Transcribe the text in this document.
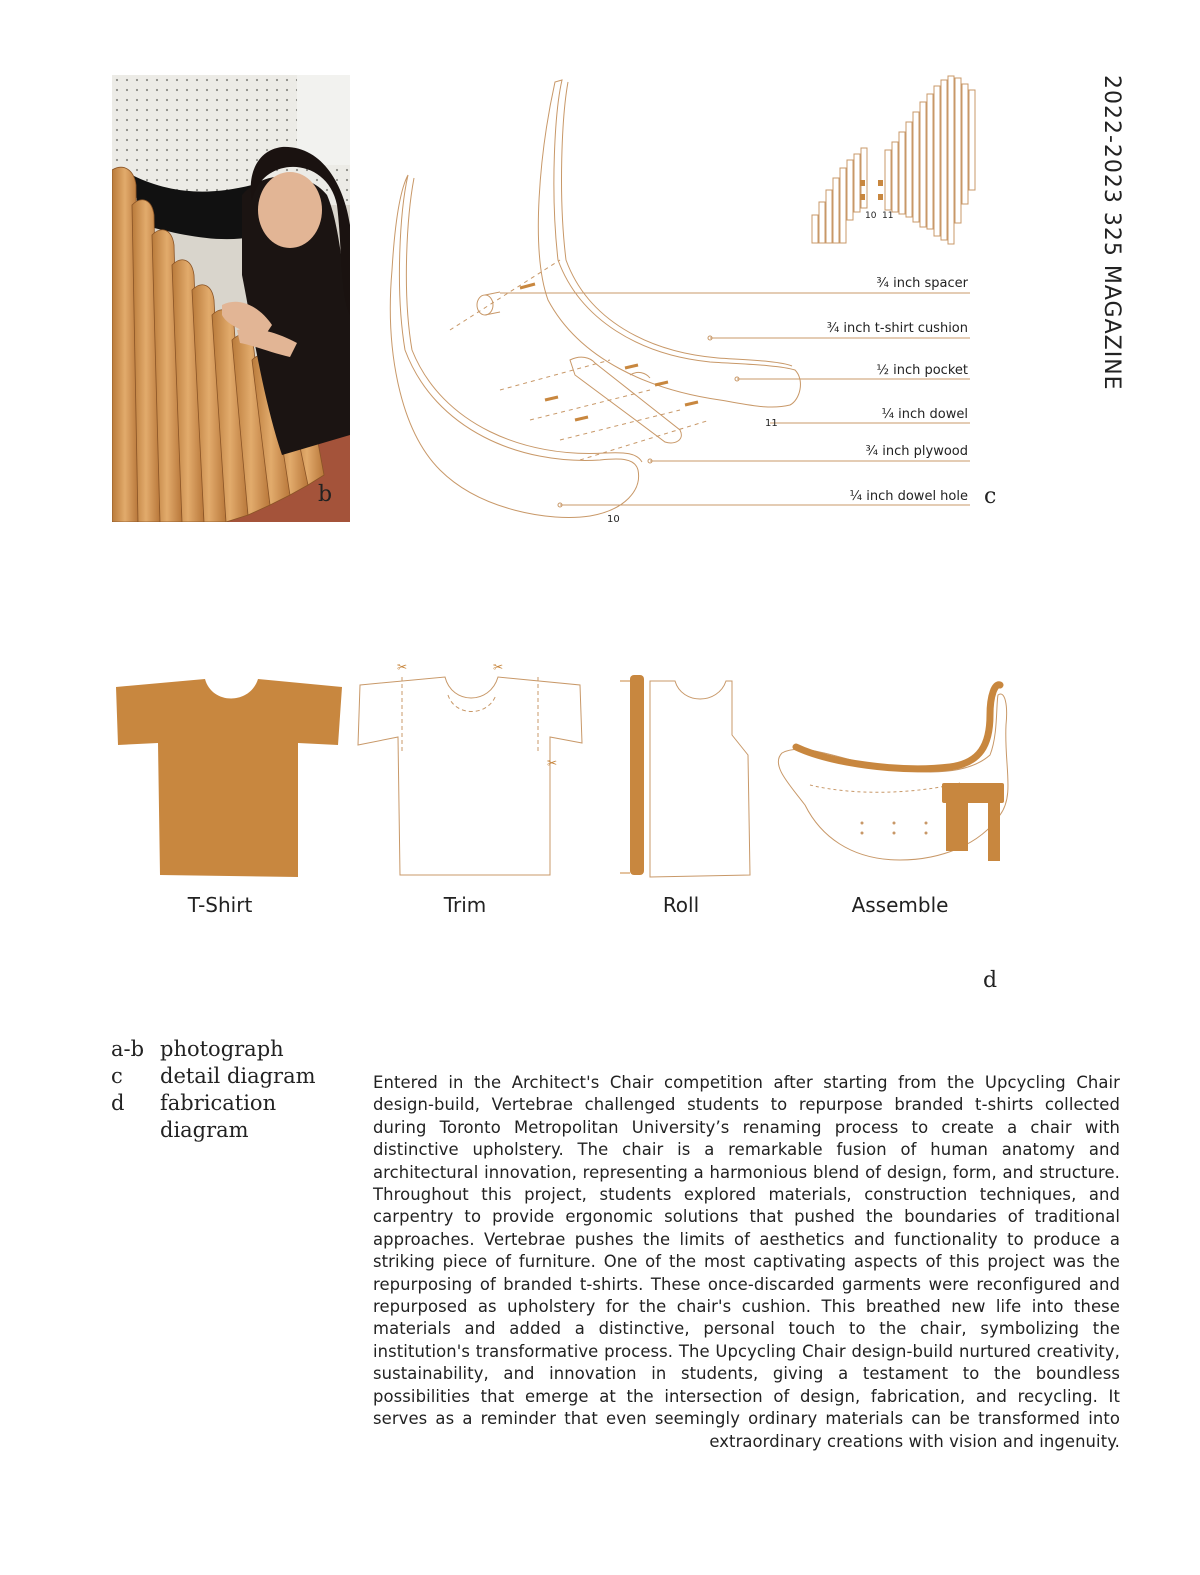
b
10 11
11
10
¾ inch spacer
¾ inch t-shirt cushion
½ inch pocket
¼ inch dowel
¾ inch plywood
¼ inch dowel hole c
2022-2023 325 MAGAZINE
✂	✂
✂
T-Shirt	Trim	Roll	Assemble
d
a-b photograph
c detail diagram
d fabrication
diagram
Entered in the Architect's Chair competition after starting from the Upcycling Chair design-build, Vertebrae challenged students to repurpose branded t-shirts collected during Toronto Metropolitan University’s renaming process to create a chair with distinctive upholstery. The chair is a remarkable fusion of human anatomy and architectural innovation, representing a harmonious blend of design, form, and structure. Throughout this project, students explored materials, construction techniques, and carpentry to provide ergonomic solutions that pushed the boundaries of traditional approaches. Vertebrae pushes the limits of aesthetics and functionality to produce a striking piece of furniture. One of the most captivating aspects of this project was the repurposing of branded t-shirts. These once-discarded garments were reconfigured and repurposed as upholstery for the chair's cushion. This breathed new life into these materials and added a distinctive, personal touch to the chair, symbolizing the institution's transformative process. The Upcycling Chair design-build nurtured creativity, sustainability, and innovation in students, giving a testament to the boundless possibilities that emerge at the intersection of design, fabrication, and recycling. It serves as a reminder that even seemingly ordinary materials can be transformed into extraordinary creations with vision and ingenuity.
